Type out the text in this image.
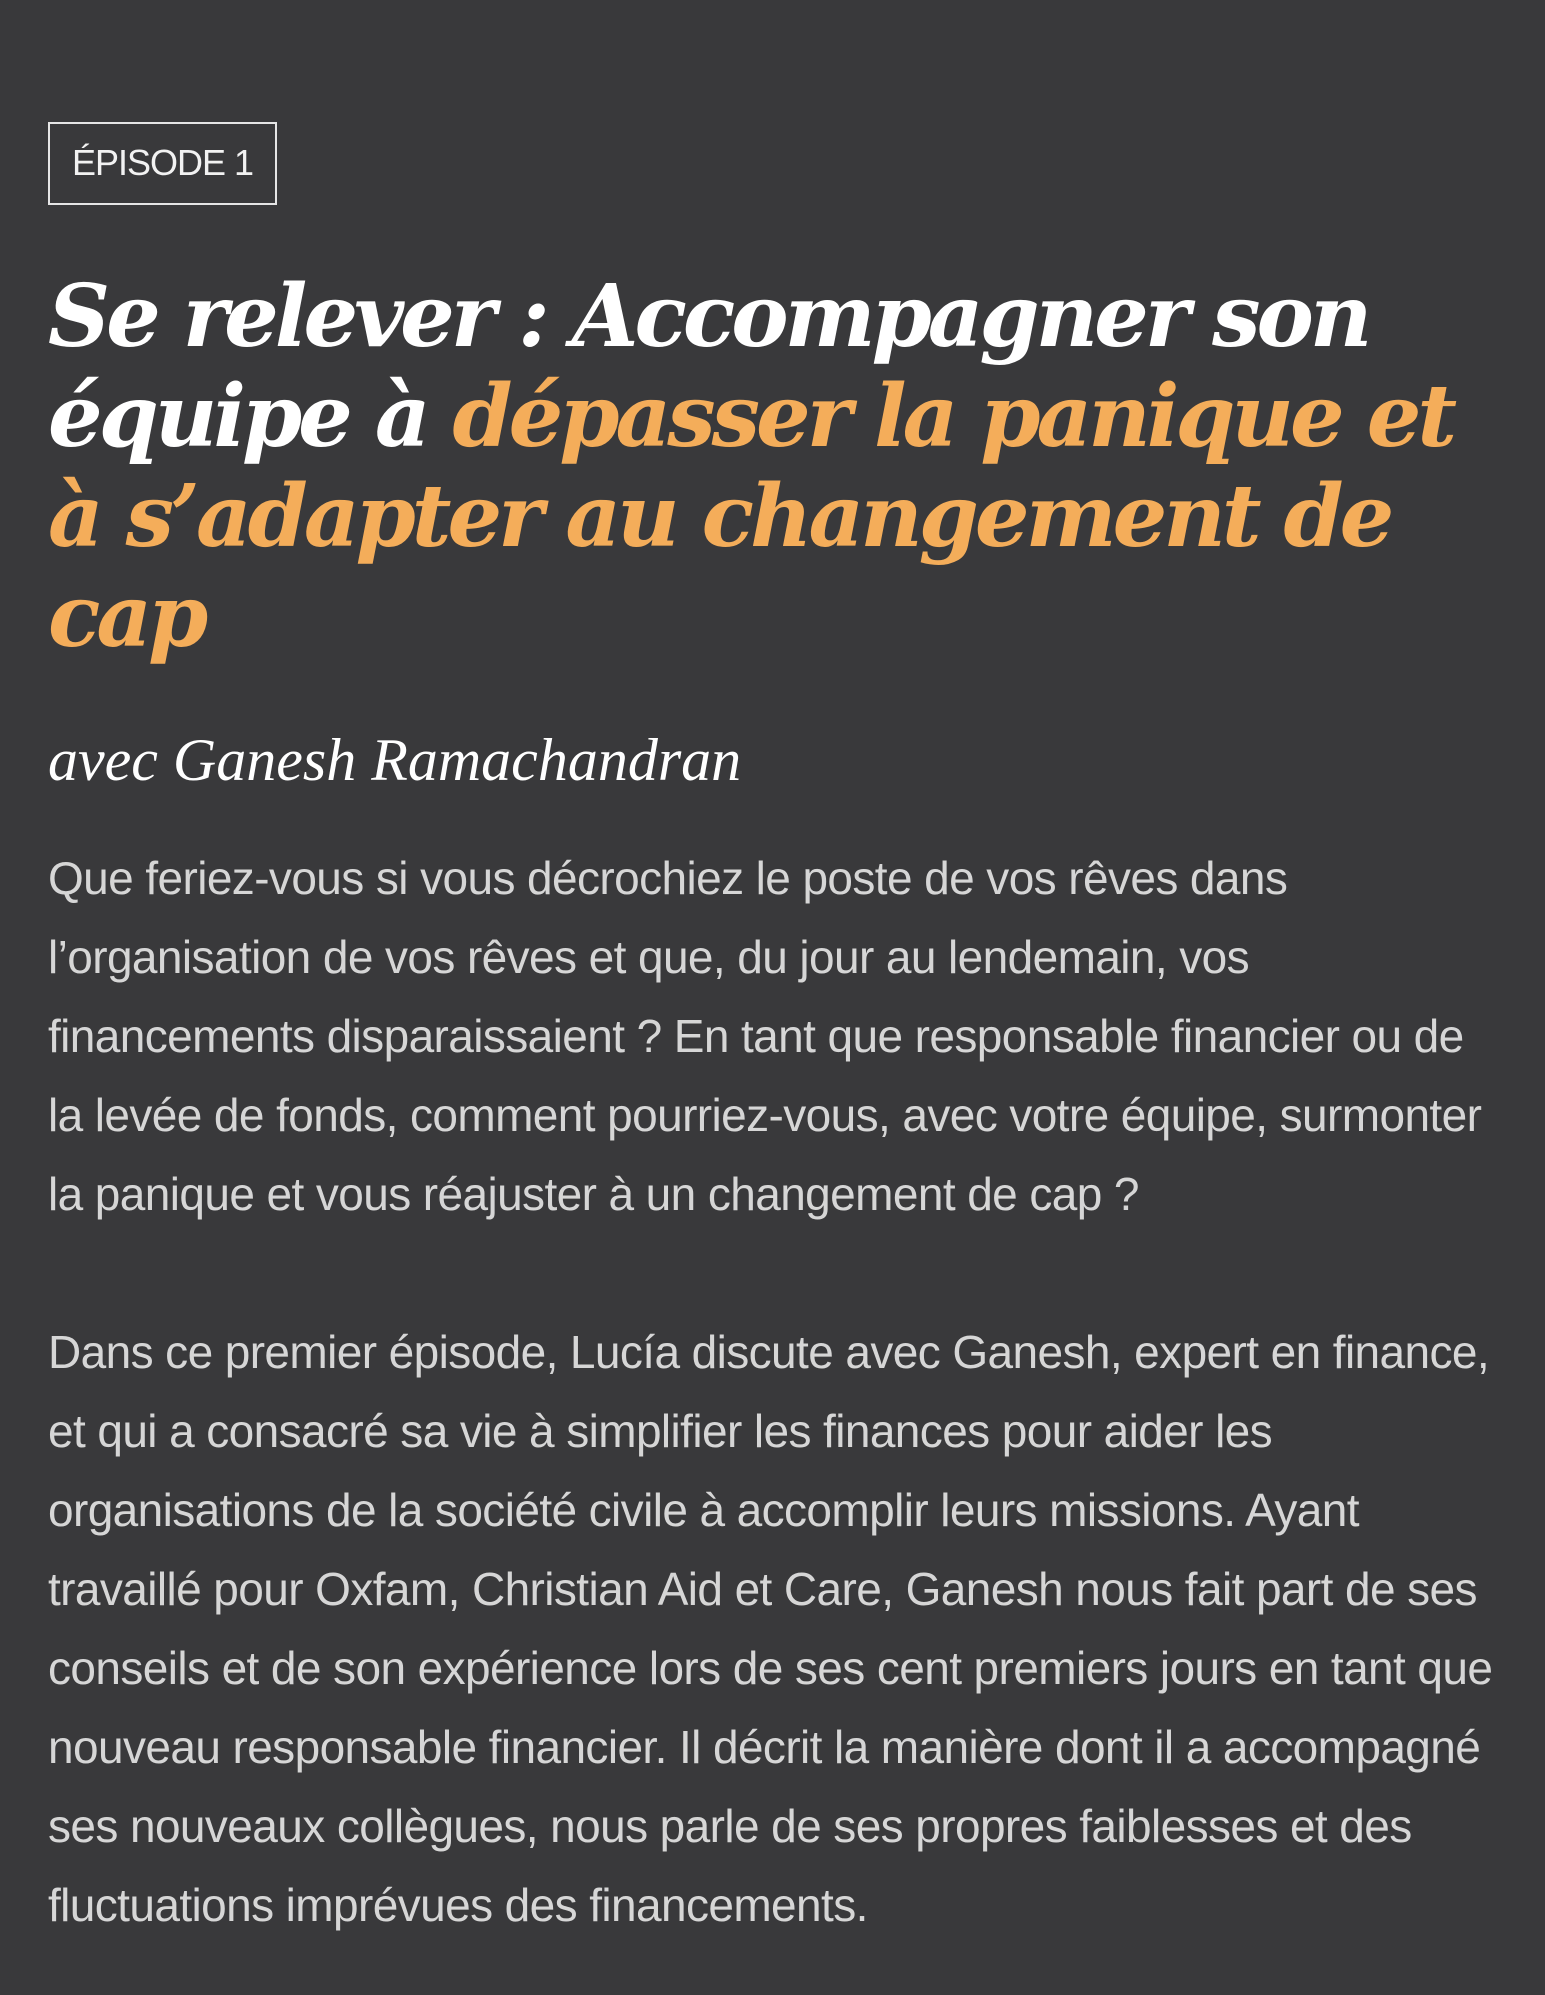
ÉPISODE 1
Se relever : Accompagner son équipe à dépasser la panique et à s’adapter au changement de cap
avec Ganesh Ramachandran

Que feriez-vous si vous décrochiez le poste de vos rêves dans l’organisation de vos rêves et que, du jour au lendemain, vos financements disparaissaient ? En tant que responsable financier ou de la levée de fonds, comment pourriez-vous, avec votre équipe, surmonter la panique et vous réajuster à un changement de cap ?

Dans ce premier épisode, Lucía discute avec Ganesh, expert en finance, et qui a consacré sa vie à simplifier les finances pour aider les organisations de la société civile à accomplir leurs missions. Ayant travaillé pour Oxfam, Christian Aid et Care, Ganesh nous fait part de ses conseils et de son expérience lors de ses cent premiers jours en tant que nouveau responsable financier. Il décrit la manière dont il a accompagné ses nouveaux collègues, nous parle de ses propres faiblesses et des fluctuations imprévues des financements.
